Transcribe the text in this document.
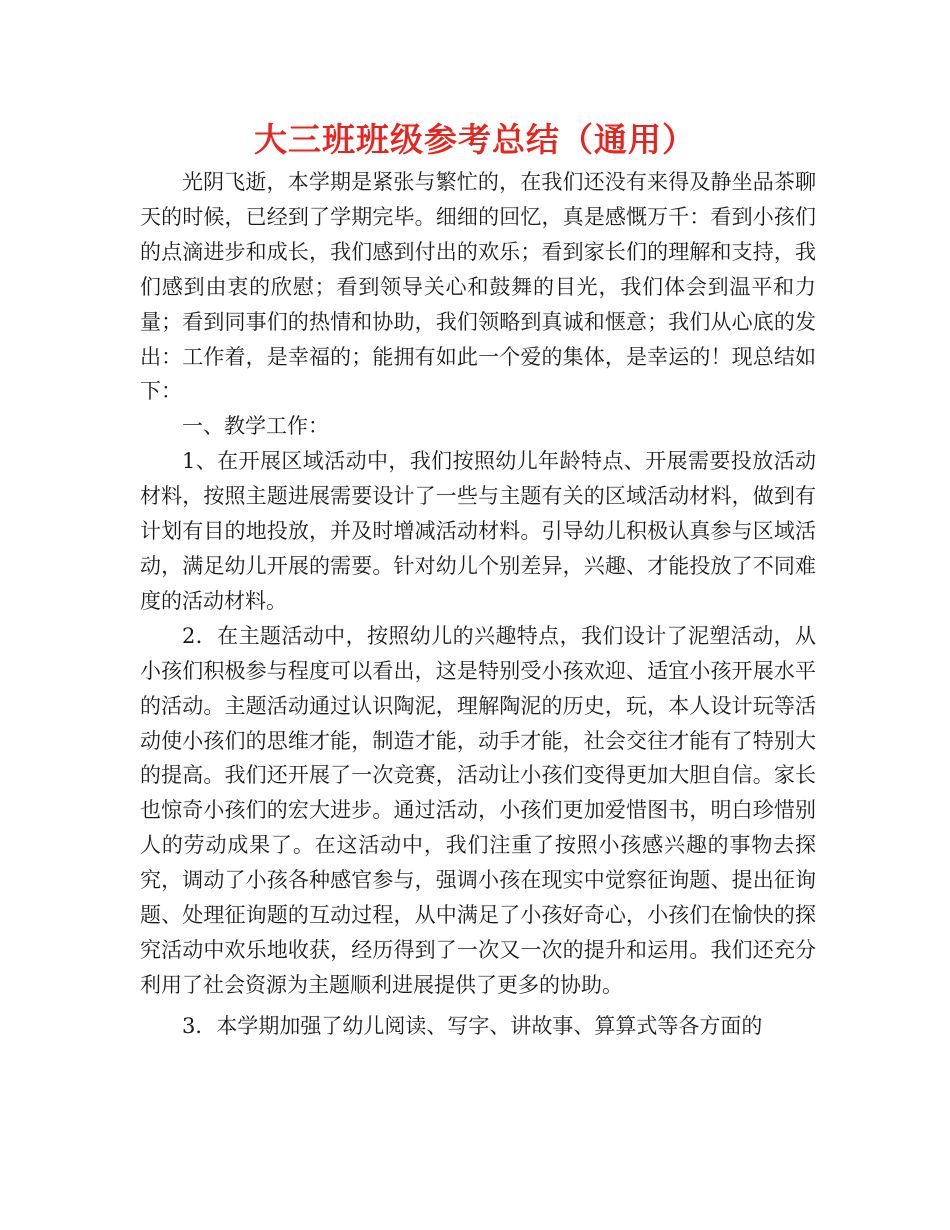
大三班班级参考总结（通用）

光阴飞逝，本学期是紧张与繁忙的，在我们还没有来得及静坐品茶聊天的时候，已经到了学期完毕。细细的回忆，真是感慨万千：看到小孩们的点滴进步和成长，我们感到付出的欢乐；看到家长们的理解和支持，我们感到由衷的欣慰；看到领导关心和鼓舞的目光，我们体会到温平和力量；看到同事们的热情和协助，我们领略到真诚和惬意；我们从心底的发出：工作着，是幸福的；能拥有如此一个爱的集体，是幸运的！现总结如下：

一、教学工作：

1、在开展区域活动中，我们按照幼儿年龄特点、开展需要投放活动材料，按照主题进展需要设计了一些与主题有关的区域活动材料，做到有计划有目的地投放，并及时增减活动材料。引导幼儿积极认真参与区域活动，满足幼儿开展的需要。针对幼儿个别差异，兴趣、才能投放了不同难度的活动材料。

2．在主题活动中，按照幼儿的兴趣特点，我们设计了泥塑活动，从小孩们积极参与程度可以看出，这是特别受小孩欢迎、适宜小孩开展水平的活动。主题活动通过认识陶泥，理解陶泥的历史，玩，本人设计玩等活动使小孩们的思维才能，制造才能，动手才能，社会交往才能有了特别大的提高。我们还开展了一次竞赛，活动让小孩们变得更加大胆自信。家长也惊奇小孩们的宏大进步。通过活动，小孩们更加爱惜图书，明白珍惜别人的劳动成果了。在这活动中，我们注重了按照小孩感兴趣的事物去探究，调动了小孩各种感官参与，强调小孩在现实中觉察征询题、提出征询题、处理征询题的互动过程，从中满足了小孩好奇心，小孩们在愉快的探究活动中欢乐地收获，经历得到了一次又一次的提升和运用。我们还充分利用了社会资源为主题顺利进展提供了更多的协助。

3．本学期加强了幼儿阅读、写字、讲故事、算算式等各方面的
